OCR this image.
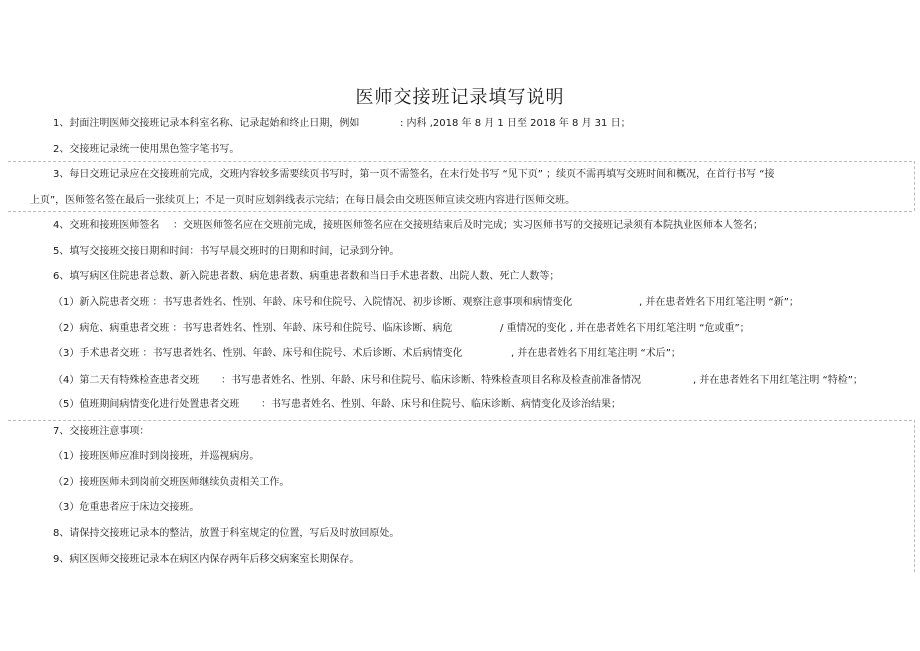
医师交接班记录填写说明
1、封面注明医师交接班记录本科室名称、记录起始和终止日期，例如	: 内科 ,2018 年 8 月 1 日至 2018 年 8 月 31 日；
2、交接班记录统一使用黑色签字笔书写。
3、每日交班记录应在交接班前完成，交班内容较多需要续页书写时，第一页不需签名，在末行处书写 “见下页” ；续页不需再填写交班时间和概况，在首行书写 “接
上页”，医师签名签在最后一张续页上；不足一页时应划斜线表示完结；在每日晨会由交班医师宣读交班内容进行医师交班。
4、交班和接班医师签名 ：交班医师签名应在交班前完成，接班医师签名应在交接班结束后及时完成；实习医师书写的交接班记录须有本院执业医师本人签名；
5、填写交接班交接日期和时间：书写早晨交班时的日期和时间，记录到分钟。
6、填写病区住院患者总数、新入院患者数、病危患者数、病重患者数和当日手术患者数、出院人数、死亡人数等；
（1）新入院患者交班 ：书写患者姓名、性别、年龄、床号和住院号、入院情况、初步诊断、观察注意事项和病情变化	, 并在患者姓名下用红笔注明 “新”；
（2）病危、病重患者交班 ：书写患者姓名、性别、年龄、床号和住院号、临床诊断、病危	/ 重情况的变化 , 并在患者姓名下用红笔注明 “危或重”；
（3）手术患者交班 ：书写患者姓名、性别、年龄、床号和住院号、术后诊断、术后病情变化	, 并在患者姓名下用红笔注明 “术后”；
（4）第二天有特殊检查患者交班 ：书写患者姓名、性别、年龄、床号和住院号、临床诊断、特殊检查项目名称及检查前准备情况	, 并在患者姓名下用红笔注明 “特检”；
（5）值班期间病情变化进行处置患者交班 ：书写患者姓名、性别、年龄、床号和住院号、临床诊断、病情变化及诊治结果；
7、交接班注意事项：
（1）接班医师应准时到岗接班，并巡视病房。
（2）接班医师未到岗前交班医师继续负责相关工作。
（3）危重患者应于床边交接班。
8、请保持交接班记录本的整洁，放置于科室规定的位置，写后及时放回原处。
9、病区医师交接班记录本在病区内保存两年后移交病案室长期保存。
